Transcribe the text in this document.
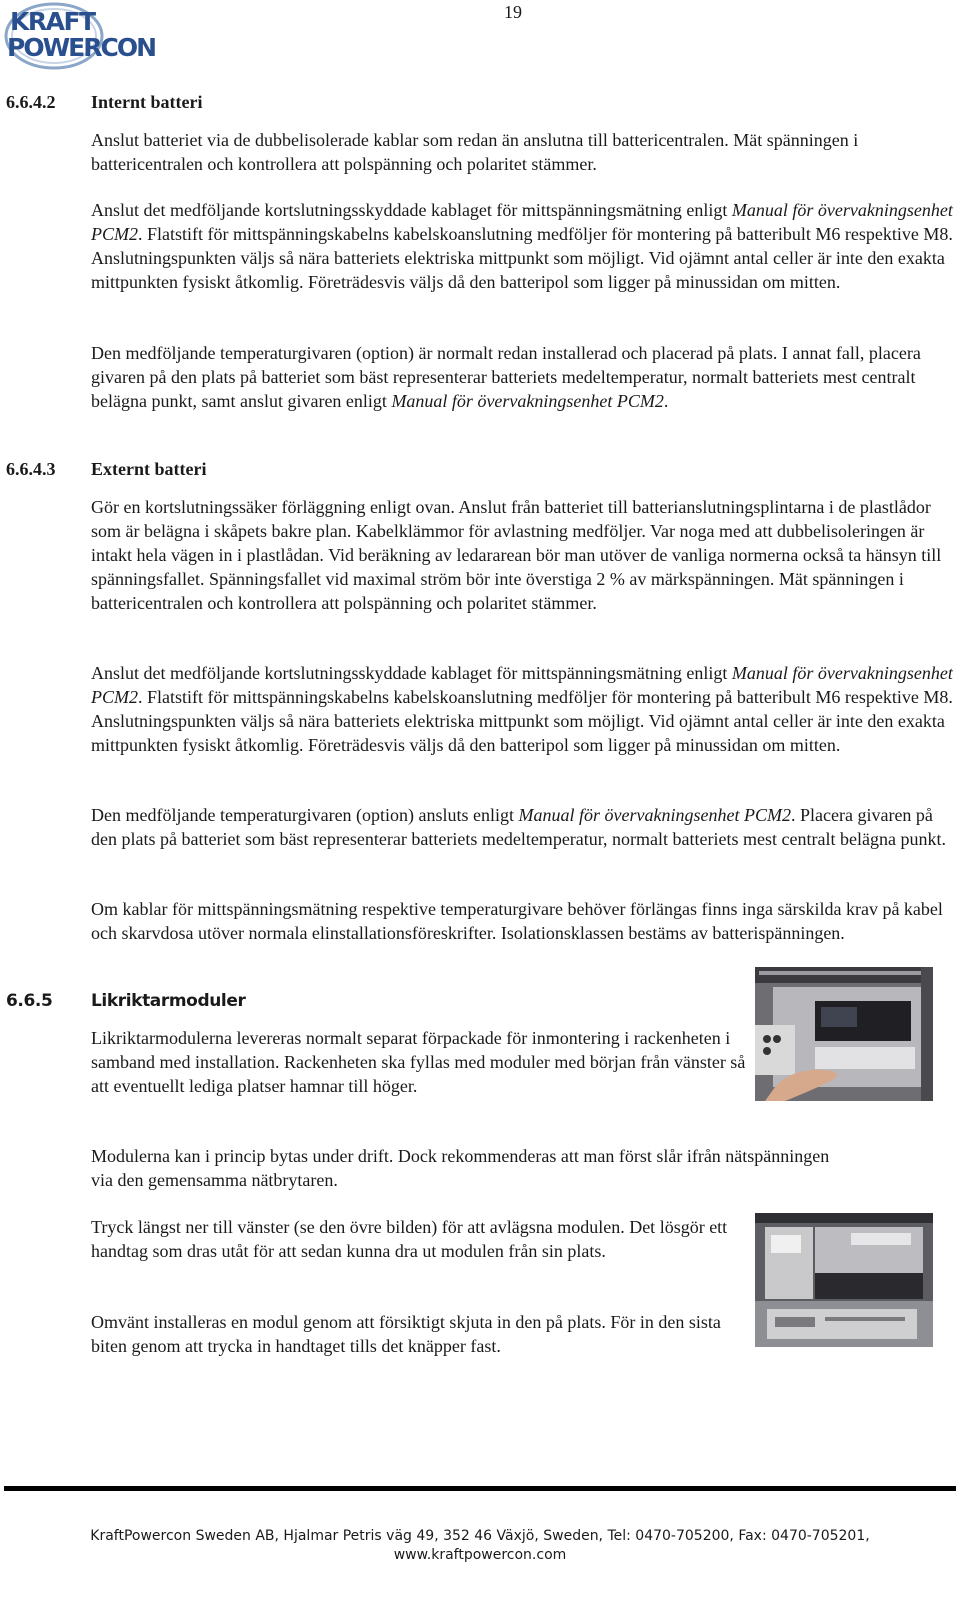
KRAFT
POWERCON
19
6.6.4.2 Internt batteri

Anslut batteriet via de dubbelisolerade kablar som redan än anslutna till battericentralen. Mät spänningen i battericentralen och kontrollera att polspänning och polaritet stämmer.

Anslut det medföljande kortslutningsskyddade kablaget för mittspänningsmätning enligt Manual för övervakningsenhet PCM2. Flatstift för mittspänningskabelns kabelskoanslutning medföljer för montering på batteribult M6 respektive M8. Anslutningspunkten väljs så nära batteriets elektriska mittpunkt som möjligt. Vid ojämnt antal celler är inte den exakta mittpunkten fysiskt åtkomlig. Företrädesvis väljs då den batteripol som ligger på minussidan om mitten.

Den medföljande temperaturgivaren (option) är normalt redan installerad och placerad på plats. I annat fall, placera givaren på den plats på batteriet som bäst representerar batteriets medeltemperatur, normalt batteriets mest centralt belägna punkt, samt anslut givaren enligt Manual för övervakningsenhet PCM2.

6.6.4.3 Externt batteri

Gör en kortslutningssäker förläggning enligt ovan. Anslut från batteriet till batterianslutningsplintarna i de plastlådor som är belägna i skåpets bakre plan. Kabelklämmor för avlastning medföljer. Var noga med att dubbelisoleringen är intakt hela vägen in i plastlådan. Vid beräkning av ledararean bör man utöver de vanliga normerna också ta hänsyn till spänningsfallet. Spänningsfallet vid maximal ström bör inte överstiga 2 % av märkspänningen. Mät spänningen i battericentralen och kontrollera att polspänning och polaritet stämmer.

Anslut det medföljande kortslutningsskyddade kablaget för mittspänningsmätning enligt Manual för övervakningsenhet PCM2. Flatstift för mittspänningskabelns kabelskoanslutning medföljer för montering på batteribult M6 respektive M8. Anslutningspunkten väljs så nära batteriets elektriska mittpunkt som möjligt. Vid ojämnt antal celler är inte den exakta mittpunkten fysiskt åtkomlig. Företrädesvis väljs då den batteripol som ligger på minussidan om mitten.

Den medföljande temperaturgivaren (option) ansluts enligt Manual för övervakningsenhet PCM2. Placera givaren på den plats på batteriet som bäst representerar batteriets medeltemperatur, normalt batteriets mest centralt belägna punkt.

Om kablar för mittspänningsmätning respektive temperaturgivare behöver förlängas finns inga särskilda krav på kabel och skarvdosa utöver normala elinstallationsföreskrifter. Isolationsklassen bestäms av batterispänningen.

6.6.5 Likriktarmoduler

Likriktarmodulerna levereras normalt separat förpackade för inmontering i rackenheten i samband med installation. Rackenheten ska fyllas med moduler med början från vänster så att eventuellt lediga platser hamnar till höger.

Modulerna kan i princip bytas under drift. Dock rekommenderas att man först slår ifrån nätspänningen via den gemensamma nätbrytaren.

Tryck längst ner till vänster (se den övre bilden) för att avlägsna modulen. Det lösgör ett handtag som dras utåt för att sedan kunna dra ut modulen från sin plats.

Omvänt installeras en modul genom att försiktigt skjuta in den på plats. För in den sista biten genom att trycka in handtaget tills det knäpper fast.

KraftPowercon Sweden AB, Hjalmar Petris väg 49, 352 46 Växjö, Sweden, Tel: 0470-705200, Fax: 0470-705201,
www.kraftpowercon.com
